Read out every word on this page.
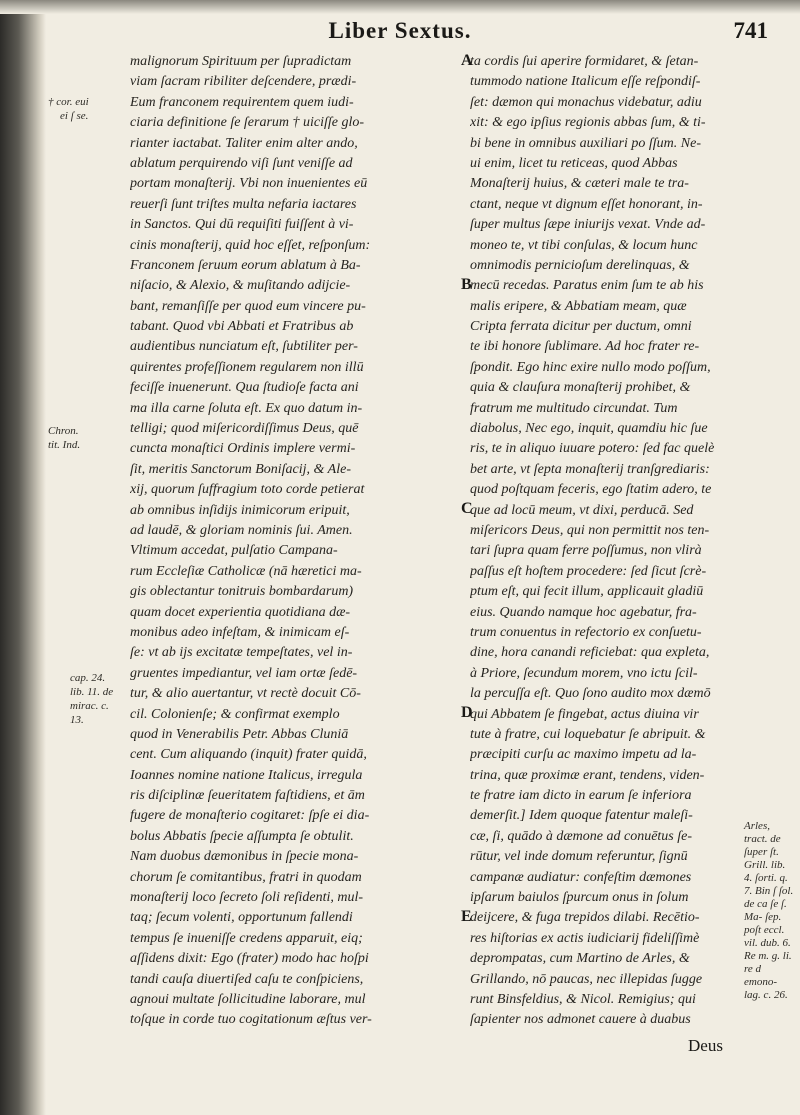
Liber Sextus.	741
† cor. eui
ei ſ se.
Chron.
tit. Ind.
cap. 24.
lib. 11. de
mirac. c.
13.
A
B
C
D
E
malignorum Spirituum per ſupradictam
viam ſacram ribiliter deſcendere, prædi-
Eum franconem requirentem quem iudi-
ciaria definitione ſe ſerarum † uiciſſe glo-
rianter iactabat. Taliter enim alter ando,
ablatum perquirendo viſi ſunt veniſſe ad
portam monaſterij. Vbi non inuenientes eū
reuerſi ſunt triſtes multa nefaria iactares
in Sanctos. Qui dū requiſiti fuiſſent à vi-
cinis monaſterij, quid hoc eſſet, reſponſum:
Franconem ſeruum eorum ablatum à Ba-
niſacio, & Alexio, & muſitando adijcie-
bant, remanſiſſe per quod eum vincere pu-
tabant. Quod vbi Abbati et Fratribus ab
audientibus nunciatum eſt, ſubtiliter per-
quirentes profeſſionem regularem non illū
feciſſe inuenerunt. Qua ſtudioſe facta ani
ma illa carne ſoluta eſt. Ex quo datum in-
telligi; quod miſericordiſſimus Deus, quē
cuncta monaſtici Ordinis implere vermi-
ſit, meritis Sanctorum Boniſacij, & Ale-
xij, quorum ſuffragium toto corde petierat
ab omnibus inſidijs inimicorum eripuit,
ad laudē, & gloriam nominis ſui. Amen.
Vltimum accedat, pulſatio Campana-
rum Eccleſiæ Catholicæ (nā hæretici ma-
gis oblectantur tonitruis bombardarum)
quam docet experientia quotidiana dæ-
monibus adeo infeſtam, & inimicam eſ-
ſe: vt ab ijs excitatæ tempeſtates, vel in-
gruentes impediantur, vel iam ortæ ſedē-
tur, & alio auertantur, vt rectè docuit Cō-
cil. Colonienſe; & confirmat exemplo
quod in Venerabilis Petr. Abbas Cluniā
cent. Cum aliquando (inquit) frater quidā,
Ioannes nomine natione Italicus, irregula
ris diſciplinæ ſeueritatem faſtidiens, et ām
fugere de monaſterio cogitaret: ſpſe ei dia-
bolus Abbatis ſpecie aſſumpta ſe obtulit.
Nam duobus dæmonibus in ſpecie mona-
chorum ſe comitantibus, fratri in quodam
monaſterij loco ſecreto ſoli reſidenti, mul-
taq; ſecum volenti, opportunum fallendi
tempus ſe inueniſſe credens apparuit, eiq;
aſſidens dixit: Ego (frater) modo hac hoſpi
tandi cauſa diuertiſed caſu te conſpiciens,
agnoui multate ſollicitudine laborare, mul
toſque in corde tuo cogitationum æſtus ver-
ta cordis ſui aperire formidaret, & ſetan-
tummodo natione Italicum eſſe reſpondiſ-
ſet: dæmon qui monachus videbatur, adiu
xit: & ego ipſius regionis abbas ſum, & ti-
bi bene in omnibus auxiliari po ſſum. Ne-
ui enim, licet tu reticeas, quod Abbas
Monaſterij huius, & cæteri male te tra-
ctant, neque vt dignum eſſet honorant, in-
ſuper multus ſæpe iniurijs vexat. Vnde ad-
moneo te, vt tibi conſulas, & locum hunc
omnimodis pernicioſum derelinquas, &
mecū recedas. Paratus enim ſum te ab his
malis eripere, & Abbatiam meam, quæ
Cripta ferrata dicitur per ductum, omni
te ibi honore ſublimare. Ad hoc frater re-
ſpondit. Ego hinc exire nullo modo poſſum,
quia & clauſura monaſterij prohibet, &
fratrum me multitudo circundat. Tum
diabolus, Nec ego, inquit, quamdiu hic ſue
ris, te in aliquo iuuare potero: ſed fac quelè
bet arte, vt ſepta monaſterij tranſgrediaris:
quod poſtquam feceris, ego ſtatim adero, te
que ad locū meum, vt dixi, perducā. Sed
miſericors Deus, qui non permittit nos ten-
tari ſupra quam ferre poſſumus, non vlirà
paſſus eſt hoſtem procedere: ſed ſicut ſcrè-
ptum eſt, qui fecit illum, applicauit gladiū
eius. Quando namque hoc agebatur, fra-
trum conuentus in refectorio ex conſuetu-
dine, hora canandi reficiebat: qua expleta,
à Priore, ſecundum morem, vno ictu ſcil-
la percuſſa eſt. Quo ſono audito mox dæmō
qui Abbatem ſe fingebat, actus diuina vir
tute à fratre, cui loquebatur ſe abripuit. &
præcipiti curſu ac maximo impetu ad la-
trina, quæ proximæ erant, tendens, viden-
te fratre iam dicto in earum ſe inferiora
demerſit.] Idem quoque fatentur maleſi-
cæ, ſi, quādo à dæmone ad conuētus ſe-
rūtur, vel inde domum referuntur, ſignū
campanæ audiatur: confeſtim dæmones
ipſarum baiulos ſpurcum onus in ſolum
deijcere, & fuga trepidos dilabi. Recētio-
res hiſtorias ex actis iudiciarij fideliſſimè
deprompatas, cum Martino de Arles, &
Grillando, nō paucas, nec illepidas ſugge
runt Binsfeldius, & Nicol. Remigius; qui
ſapienter nos admonet cauere à duabus
Arles, tract. de ſuper ſt. Grill. lib. 4. ſorti. q. 7. Bin ſ ſol. de ca ſe ſ. Ma- ſep. poſt eccl. vil. dub. 6. Re m. g. li. re d emono- lag. c. 26.
Deus
